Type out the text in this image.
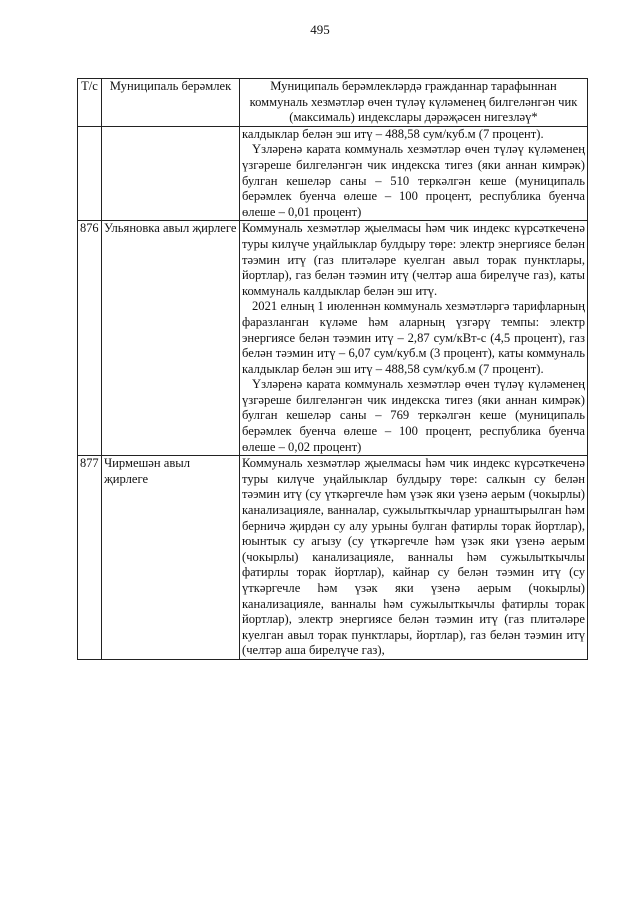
495
Т/с	Муниципаль берәмлек	Муниципаль берәмлекләрдә гражданнар тарафыннан коммуналь хезмәтләр өчен түләү күләменең билгеләнгән чик (максималь) индекслары дәрәҗәсен нигезләү*

		калдыклар белән эш итү – 488,58 сум/куб.м (7 процент).
Үзләренә карата коммуналь хезмәтләр өчен түләү күләменең үзгәреше билгеләнгән чик индекска тигез (яки аннан кимрәк) булган кешеләр саны – 510 теркәлгән кеше (муниципаль берәмлек буенча өлеше – 100 процент, республика буенча өлеше – 0,01 процент)

876	Ульяновка авыл җирлеге	Коммуналь хезмәтләр җыелмасы һәм чик индекс күрсәткеченә туры килүче уңайлыклар булдыру төре: электр энергиясе белән тәэмин итү (газ плитәләре куелган авыл торак пунктлары, йортлар), газ белән тәэмин итү (челтәр аша бирелүче газ), каты коммуналь калдыклар белән эш итү.
2021 елның 1 июленнән коммуналь хезмәтләргә тарифларның фаразланган күләме һәм аларның үзгәрү темпы: электр энергиясе белән тәэмин итү – 2,87 сум/кВт-с (4,5 процент), газ белән тәэмин итү – 6,07 сум/куб.м (3 процент), каты коммуналь калдыклар белән эш итү – 488,58 сум/куб.м (7 процент).
Үзләренә карата коммуналь хезмәтләр өчен түләү күләменең үзгәреше билгеләнгән чик индекска тигез (яки аннан кимрәк) булган кешеләр саны – 769 теркәлгән кеше (муниципаль берәмлек буенча өлеше – 100 процент, республика буенча өлеше – 0,02 процент)

877	Чирмешән авыл җирлеге	Коммуналь хезмәтләр җыелмасы һәм чик индекс күрсәткеченә туры килүче уңайлыклар булдыру төре: салкын су белән тәэмин итү (су үткәргечле һәм үзәк яки үзенә аерым (чокырлы) канализацияле, ванналар, сужылыткычлар урнаштырылган һәм берничә җирдән су алу урыны булган фатирлы торак йортлар), юынтык су агызу (су үткәргечле һәм үзәк яки үзенә аерым (чокырлы) канализацияле, ванналы һәм сужылыткычлы фатирлы торак йортлар), кайнар су белән тәэмин итү (су үткәргечле һәм үзәк яки үзенә аерым (чокырлы) канализацияле, ванналы һәм сужылыткычлы фатирлы торак йортлар), электр энергиясе белән тәэмин итү (газ плитәләре куелган авыл торак пунктлары, йортлар), газ белән тәэмин итү (челтәр аша бирелүче газ),
